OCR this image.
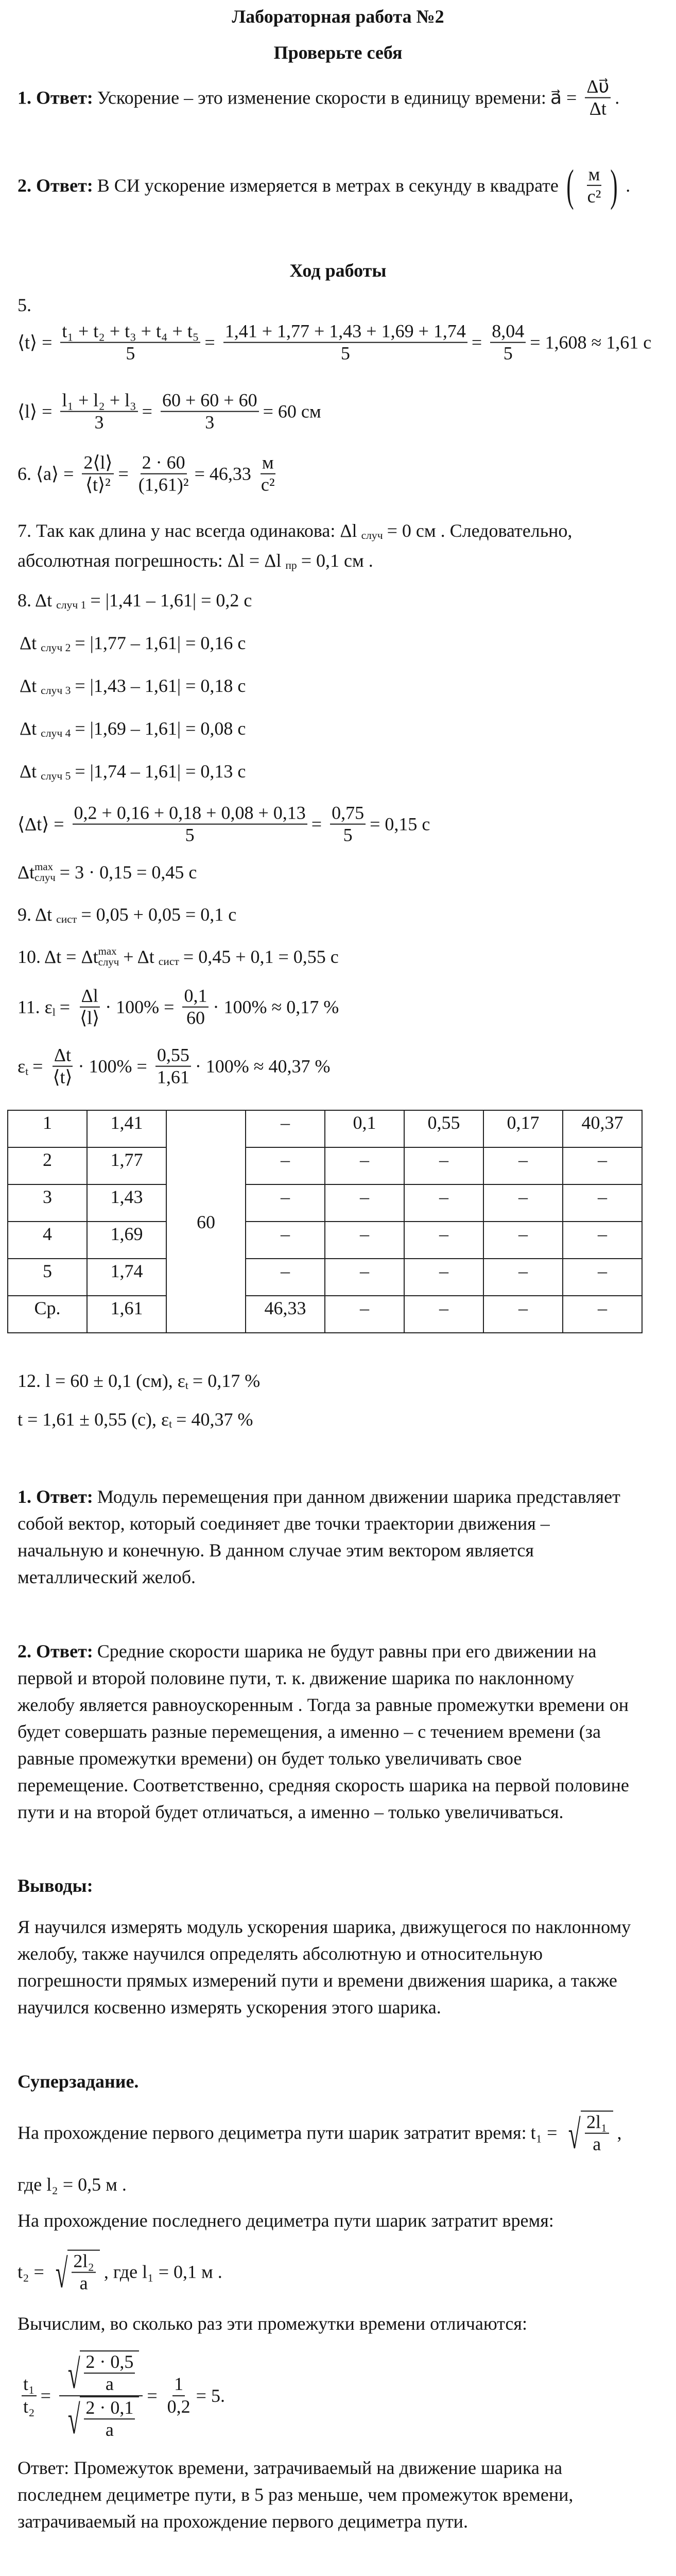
Лабораторная работа №2
Проверьте себя
1. Ответ: Ускорение – это изменение скорости в единицу времени: a⃗ = $\frac{\Delta\upsilon⃗}{\Delta t}$ .
2. Ответ: В СИ ускорение измеряется в метрах в секунду в квадрате ( м
с² ) .
Ход работы
5.
⟨t⟩ = $\frac{\text{t₁ + t₂ + t₃ + t₄ + t₅}}{5} = \frac{1,41 + 1,77 + 1,43 + 1,69 + 1,74}{5} = \frac{8,04}{5} = 1,608 \approx 1,61$ с
⟨l⟩ = $\frac{\text{l₁ + l₂ + l₃}}{3} = \frac{60 + 60 + 60}{3} = 60$ см
6. ⟨a⟩ = $\frac{2⟨l⟩}{\text{⟨t⟩²}} = \frac{2 \cdot 60}{\text{(1,61)²}} = 46,33$
м
с²
7. Так как длина у нас всегда одинакова: Δl случ = 0 см . Следовательно,
абсолютная погрешность: Δl = Δl пр = 0,1 см .
8. Δt случ 1 = |1,41 – 1,61| = 0,2 с
Δt случ 2 = |1,77 – 1,61| = 0,16 с
Δt случ 3 = |1,43 – 1,61| = 0,18 с
Δt случ 4 = |1,69 – 1,61| = 0,08 с
Δt случ 5 = |1,74 – 1,61| = 0,13 с
⟨Δt⟩ = $\frac{0,2 + 0,16 + 0,18 + 0,08 + 0,13}{5} = \frac{0,75}{5} = 0,15$ с
Δt max
случ = 3 · 0,15 = 0,45 с
9. Δt сист = 0,05 + 0,05 = 0,1 с
10. Δt = Δt max
случ + Δt сист = 0,45 + 0,1 = 0,55 с
11. ε $l = \frac{\Delta l}{⟨l⟩} \cdot 100\% = \frac{0,1}{60} \cdot 100\% \approx 0,17$ %
ε $t = \frac{\Delta t}{⟨t⟩} \cdot 100\% = \frac{0,55}{1,61} \cdot 100\% \approx 40,37$ %
1	1,41	60	–	0,1	0,55	0,17	40,37
2	1,77		–	–	–	–	–
3	1,43		–	–	–	–	–
4	1,69		–	–	–	–	–
5	1,74		–	–	–	–	–
Ср.	1,61		46,33	–	–	–	–
12. l = 60 ± 0,1 (см), ε t = 0,17 %
t = 1,61 ± 0,55 (с), ε t = 40,37 %
1. Ответ: Модуль перемещения при данном движении шарика представляет
собой вектор, который соединяет две точки траектории движения –
начальную и конечную. В данном случае этим вектором является
металлический желоб.
2. Ответ: Средние скорости шарика не будут равны при его движении на
первой и второй половине пути, т. к. движение шарика по наклонному
желобу является равноускоренным . Тогда за равные промежутки времени он
будет совершать разные перемещения, а именно – с течением времени (за
равные промежутки времени) он будет только увеличивать свое
перемещение. Соответственно, средняя скорость шарика на первой половине
пути и на второй будет отличаться, а именно – только увеличиваться.
Выводы:
Я научился измерять модуль ускорения шарика, движущегося по наклонному
желобу, также научился определять абсолютную и относительную
погрешности прямых измерений пути и времени движения шарика, а также
научился косвенно измерять ускорения этого шарика.
Суперзадание.
На прохождение первого дециметра пути шарик затратит время: t₁ = √ $\frac{\text{2l₁}}{a}$ ,
где l₂ = 0,5 м .
На прохождение последнего дециметра пути шарик затратит время:
t₂ = √ $\frac{\text{2l₂}}{a}$ , где l₁ = 0,1 м .
Вычислим, во сколько раз эти промежутки времени отличаются:
$\frac{\text{t₁}}{\text{t₂}} = \frac{√ \frac{2 \cdot 0,5}{a}}{√ \frac{2 \cdot 0,1}{a}} = \frac{1}{0,2} = 5$.
Ответ: Промежуток времени, затрачиваемый на движение шарика на
последнем дециметре пути, в 5 раз меньше, чем промежуток времени,
затрачиваемый на прохождение первого дециметра пути.
